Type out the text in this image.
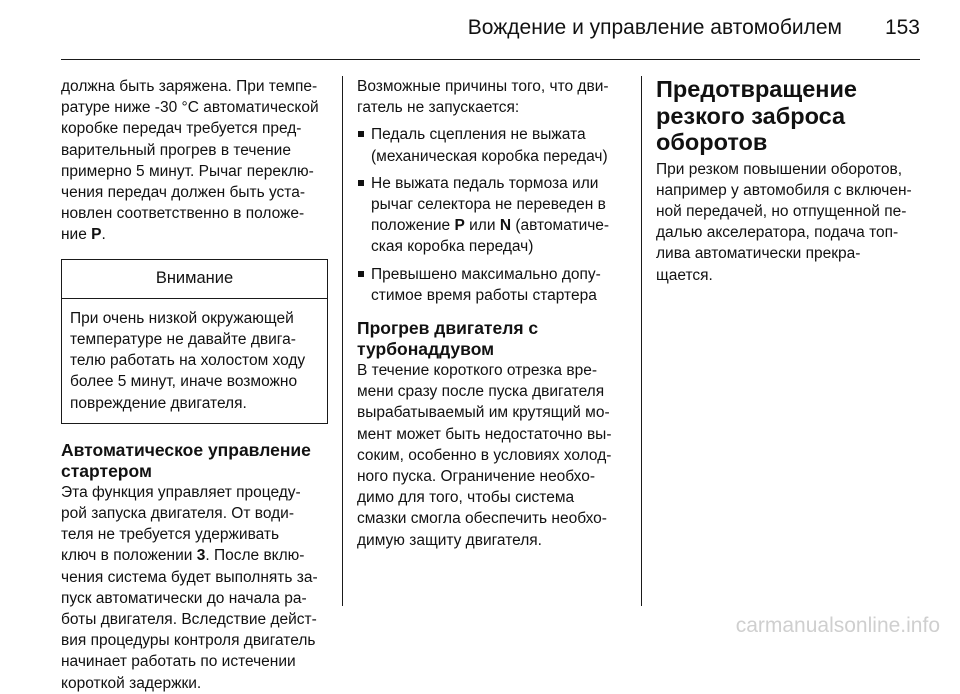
Вождение и управление автомобилем 153
должна быть заряжена. При темпе-
ратуре ниже -30 °C автоматической
коробке передач требуется пред-
варительный прогрев в течение
примерно 5 минут. Рычаг переклю-
чения передач должен быть уста-
новлен соответственно в положе-
ние P.
Внимание
При очень низкой окружающей
температуре не давайте двига-
телю работать на холостом ходу
более 5 минут, иначе возможно
повреждение двигателя.
Автоматическое управление
стартером
Эта функция управляет процеду-
рой запуска двигателя. От води-
теля не требуется удерживать
ключ в положении 3. После вклю-
чения система будет выполнять за-
пуск автоматически до начала ра-
боты двигателя. Вследствие дейст-
вия процедуры контроля двигатель
начинает работать по истечении
короткой задержки.
Возможные причины того, что дви-
гатель не запускается:
Педаль сцепления не выжата
(механическая коробка передач)
Не выжата педаль тормоза или
рычаг селектора не переведен в
положение P или N (автоматиче-
ская коробка передач)
Превышено максимально допу-
стимое время работы стартера
Прогрев двигателя с
турбонаддувом
В течение короткого отрезка вре-
мени сразу после пуска двигателя
вырабатываемый им крутящий мо-
мент может быть недостаточно вы-
соким, особенно в условиях холод-
ного пуска. Ограничение необхо-
димо для того, чтобы система
смазки смогла обеспечить необхо-
димую защиту двигателя.
Предотвращение
резкого заброса
оборотов
При резком повышении оборотов,
например у автомобиля с включен-
ной передачей, но отпущенной пе-
далью акселератора, подача топ-
лива автоматически прекра-
щается.
carmanualsonline.info
